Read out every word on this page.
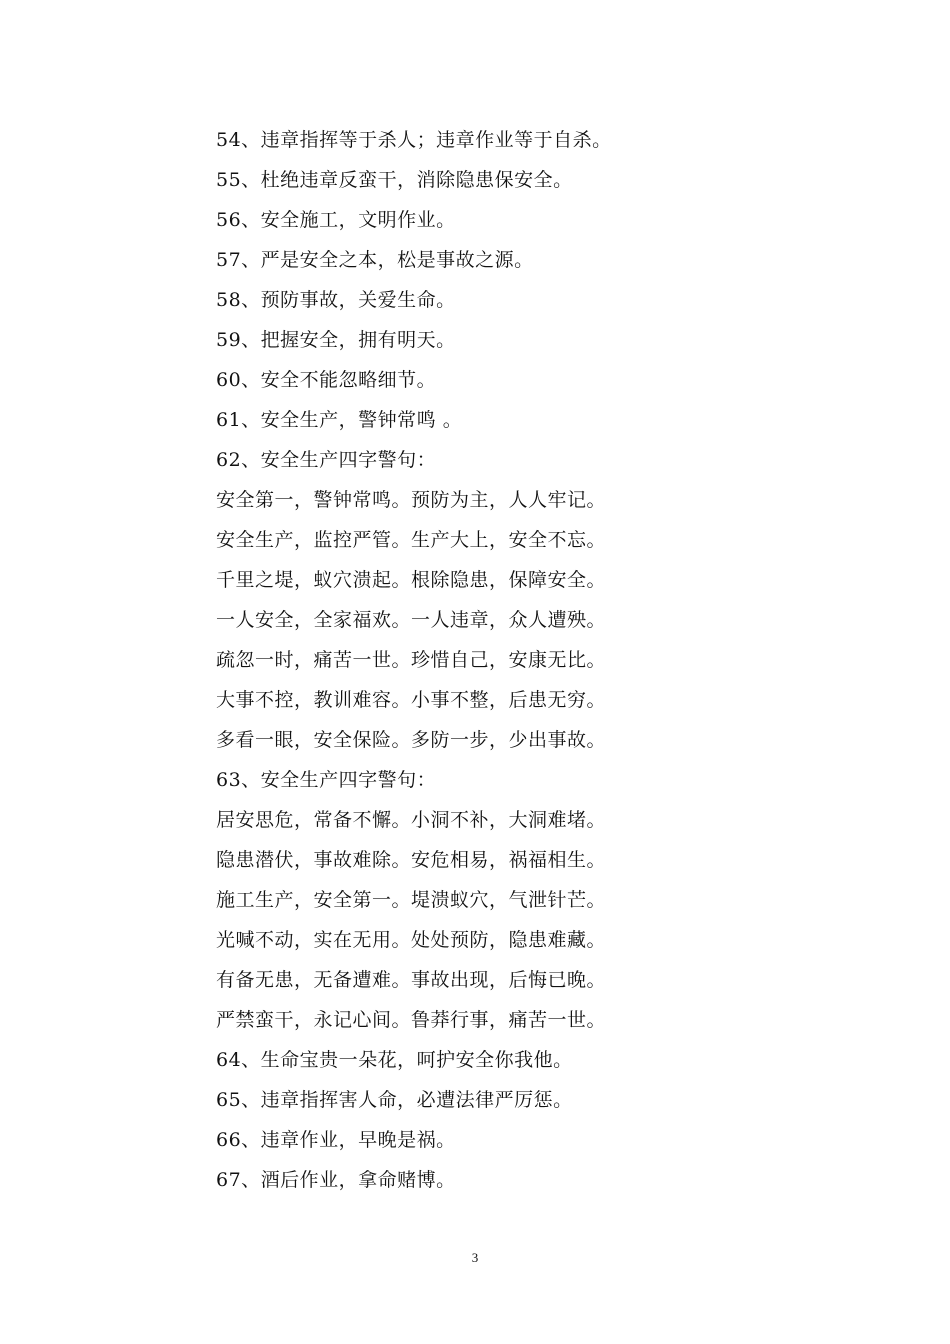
54、违章指挥等于杀人；违章作业等于自杀。
55、杜绝违章反蛮干，消除隐患保安全。
56、安全施工，文明作业。
57、严是安全之本，松是事故之源。
58、预防事故，关爱生命。
59、把握安全，拥有明天。
60、安全不能忽略细节。
61、安全生产，警钟常鸣 。
62、安全生产四字警句：
安全第一，警钟常鸣。预防为主，人人牢记。
安全生产，监控严管。生产大上，安全不忘。
千里之堤，蚁穴溃起。根除隐患，保障安全。
一人安全，全家福欢。一人违章，众人遭殃。
疏忽一时，痛苦一世。珍惜自己，安康无比。
大事不控，教训难容。小事不整，后患无穷。
多看一眼，安全保险。多防一步，少出事故。
63、安全生产四字警句：
居安思危，常备不懈。小洞不补，大洞难堵。
隐患潜伏，事故难除。安危相易，祸福相生。
施工生产，安全第一。堤溃蚁穴，气泄针芒。
光喊不动，实在无用。处处预防，隐患难藏。
有备无患，无备遭难。事故出现，后悔已晚。
严禁蛮干，永记心间。鲁莽行事，痛苦一世。
64、生命宝贵一朵花，呵护安全你我他。
65、违章指挥害人命，必遭法律严厉惩。
66、违章作业，早晚是祸。
67、酒后作业，拿命赌博。
3
